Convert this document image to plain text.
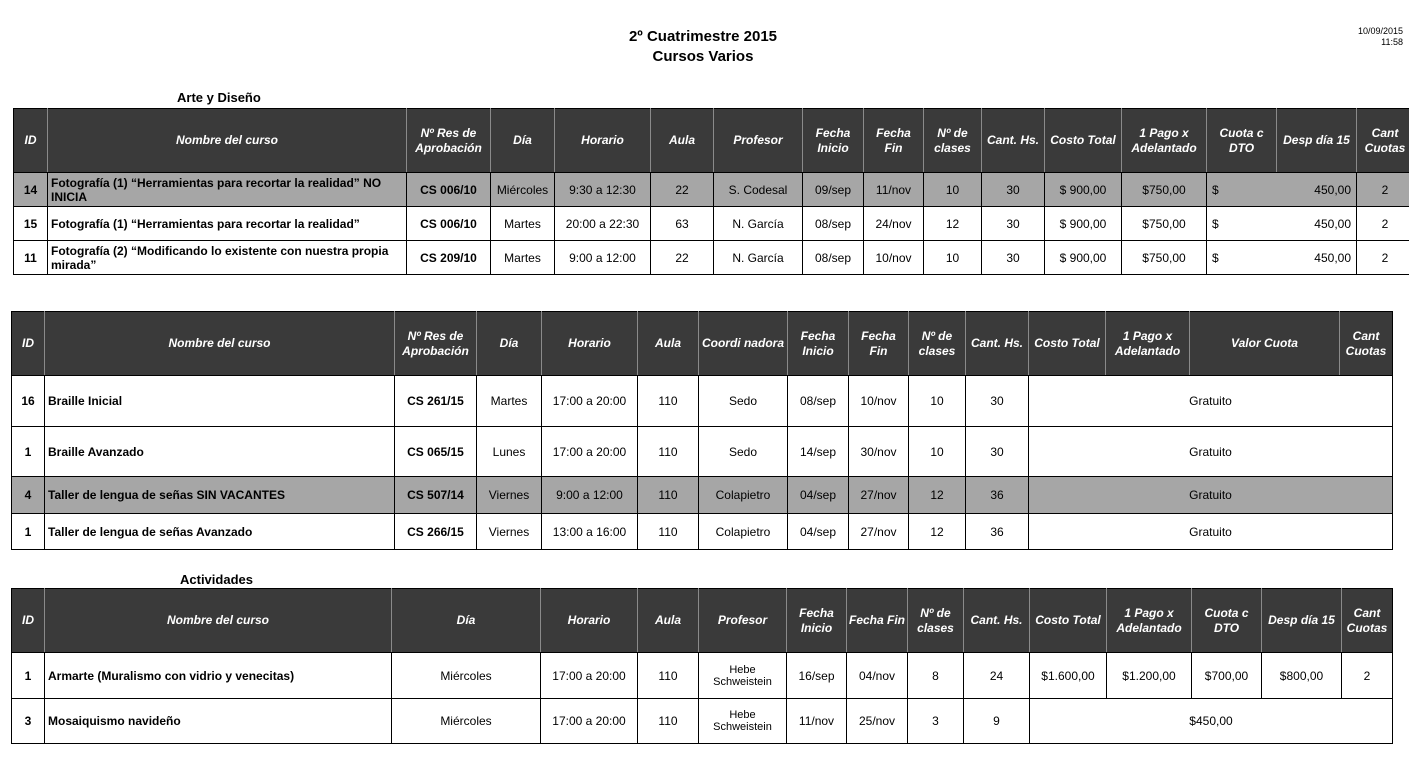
2º Cuatrimestre 2015
Cursos Varios
10/09/2015
11:58
Arte y Diseño
ID	Nombre del curso	Nº Res de Aprobación	Día	Horario	Aula	Profesor	Fecha Inicio	Fecha Fin	Nº de clases	Cant. Hs.	Costo Total	1 Pago x Adelantado	Cuota c DTO	Desp día 15	Cant Cuotas
14	Fotografía (1) “Herramientas para recortar la realidad” NO INICIA	CS 006/10	Miércoles	9:30 a 12:30	22	S. Codesal	09/sep	11/nov	10	30	$ 900,00	$750,00	$ 450,00		2
15	Fotografía (1) “Herramientas para recortar la realidad”	CS 006/10	Martes	20:00 a 22:30	63	N. García	08/sep	24/nov	12	30	$ 900,00	$750,00	$ 450,00		2
11	Fotografía (2) “Modificando lo existente con nuestra propia mirada”	CS 209/10	Martes	9:00 a 12:00	22	N. García	08/sep	10/nov	10	30	$ 900,00	$750,00	$ 450,00		2
ID	Nombre del curso	Nº Res de Aprobación	Día	Horario	Aula	Coordi nadora	Fecha Inicio	Fecha Fin	Nº de clases	Cant. Hs.	Costo Total	1 Pago x Adelantado	Valor Cuota	Cant Cuotas
16	Braille Inicial	CS 261/15	Martes	17:00 a 20:00	110	Sedo	08/sep	10/nov	10	30	Gratuito			
1	Braille Avanzado	CS 065/15	Lunes	17:00 a 20:00	110	Sedo	14/sep	30/nov	10	30	Gratuito			
4	Taller de lengua de señas SIN VACANTES	CS 507/14	Viernes	9:00 a 12:00	110	Colapietro	04/sep	27/nov	12	36	Gratuito			
1	Taller de lengua de señas Avanzado	CS 266/15	Viernes	13:00 a 16:00	110	Colapietro	04/sep	27/nov	12	36	Gratuito			
Actividades
ID	Nombre del curso	Día	Horario	Aula	Profesor	Fecha Inicio	Fecha Fin	Nº de clases	Cant. Hs.	Costo Total	1 Pago x Adelantado	Cuota c DTO	Desp día 15	Cant Cuotas
1	Armarte (Muralismo con vidrio y venecitas)	Miércoles	17:00 a 20:00	110	Hebe Schweistein	16/sep	04/nov	8	24	$1.600,00	$1.200,00	$700,00	$800,00	2
3	Mosaiquismo navideño	Miércoles	17:00 a 20:00	110	Hebe Schweistein	11/nov	25/nov	3	9	$450,00				
